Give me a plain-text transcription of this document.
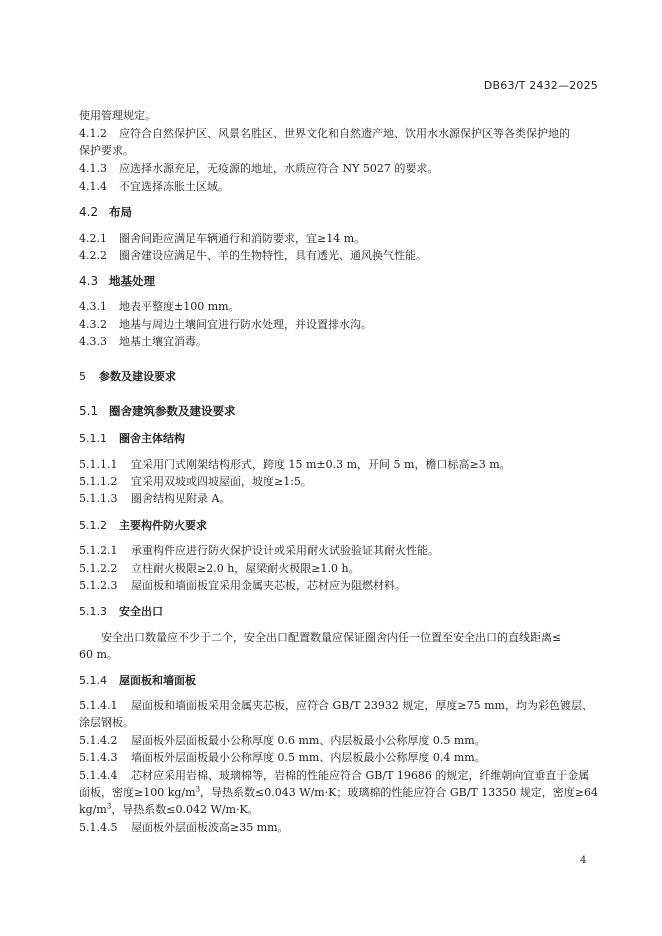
DB63/T 2432—2025
使用管理规定。
4.1.2 应符合自然保护区、风景名胜区、世界文化和自然遗产地、饮用水水源保护区等各类保护地的
保护要求。
4.1.3 应选择水源充足，无疫源的地址，水质应符合 NY 5027 的要求。
4.1.4 不宜选择冻胀土区域。
4.2 布局
4.2.1 圈舍间距应满足车辆通行和消防要求，宜≥14 m。
4.2.2 圈舍建设应满足牛、羊的生物特性，具有透光、通风换气性能。
4.3 地基处理
4.3.1 地表平整度±100 mm。
4.3.2 地基与周边土壤间宜进行防水处理，并设置排水沟。
4.3.3 地基土壤宜消毒。
5 参数及建设要求
5.1 圈舍建筑参数及建设要求
5.1.1 圈舍主体结构
5.1.1.1 宜采用门式刚架结构形式，跨度 15 m±0.3 m，开间 5 m，檐口标高≥3 m。
5.1.1.2 宜采用双坡或四坡屋面，坡度≥1:5。
5.1.1.3 圈舍结构见附录 A。
5.1.2 主要构件防火要求
5.1.2.1 承重构件应进行防火保护设计或采用耐火试验验证其耐火性能。
5.1.2.2 立柱耐火极限≥2.0 h，屋梁耐火极限≥1.0 h。
5.1.2.3 屋面板和墙面板宜采用金属夹芯板，芯材应为阻燃材料。
5.1.3 安全出口
安全出口数量应不少于二个，安全出口配置数量应保证圈舍内任一位置至安全出口的直线距离≤
60 m。
5.1.4 屋面板和墙面板
5.1.4.1 屋面板和墙面板采用金属夹芯板，应符合 GB/T 23932 规定，厚度≥75 mm，均为彩色镀层、
涂层钢板。
5.1.4.2 屋面板外层面板最小公称厚度 0.6 mm、内层板最小公称厚度 0.5 mm。
5.1.4.3 墙面板外层面板最小公称厚度 0.5 mm、内层板最小公称厚度 0.4 mm。
5.1.4.4 芯材应采用岩棉、玻璃棉等，岩棉的性能应符合 GB/T 19686 的规定，纤维朝向宜垂直于金属
面板，密度≥100 $kg/m^3$，导热系数≤0.043 W/m·K；玻璃棉的性能应符合 GB/T 13350 规定，密度≥64
$kg/m^3$，导热系数≤0.042 W/m·K。
5.1.4.5 屋面板外层面板波高≥35 mm。
4
